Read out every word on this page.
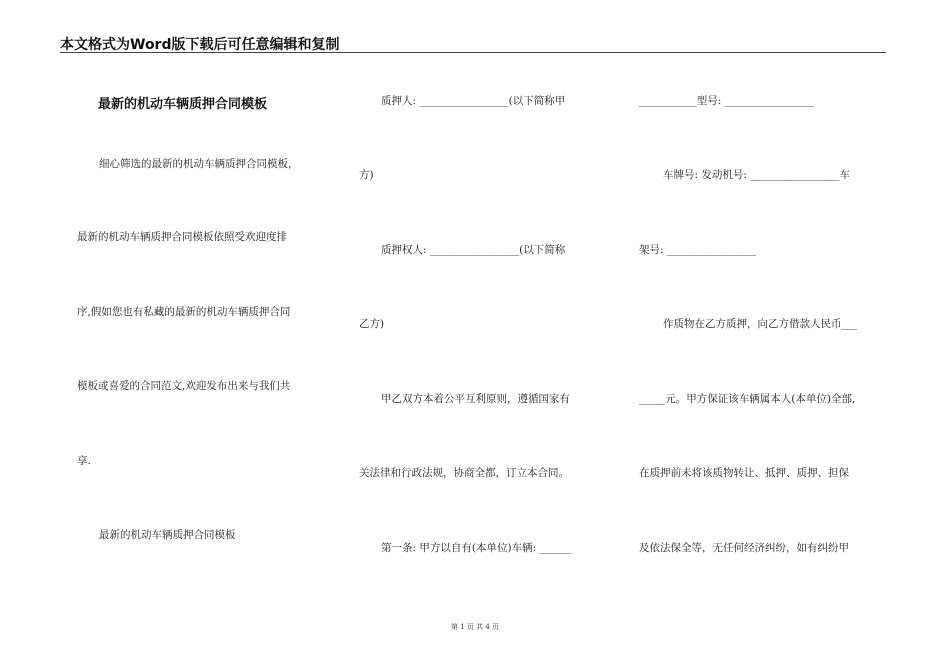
本文格式为Word版下载后可任意编辑和复制
最新的机动车辆质押合同模板
细心筛选的最新的机动车辆质押合同模板，
最新的机动车辆质押合同模板依照受欢迎度排
序,假如您也有私藏的最新的机动车辆质押合同
模板或喜爱的合同范文,欢迎发布出来与我们共
享.
最新的机动车辆质押合同模板
质押人: _________________(以下简称甲
方)
质押权人: _________________(以下简称
乙方)
甲乙双方本着公平互利原则，遵循国家有
关法律和行政法规，协商全都，订立本合同。
第一条: 甲方以自有(本单位)车辆: ______
___________型号: _________________
车牌号: 发动机号: _________________车
架号: _________________
作质物在乙方质押，向乙方借款人民币___
_____元。甲方保证该车辆属本人(本单位)全部,
在质押前未将该质物转让、抵押、质押、担保
及依法保全等，无任何经济纠纷，如有纠纷甲
第 1 页 共 4 页
